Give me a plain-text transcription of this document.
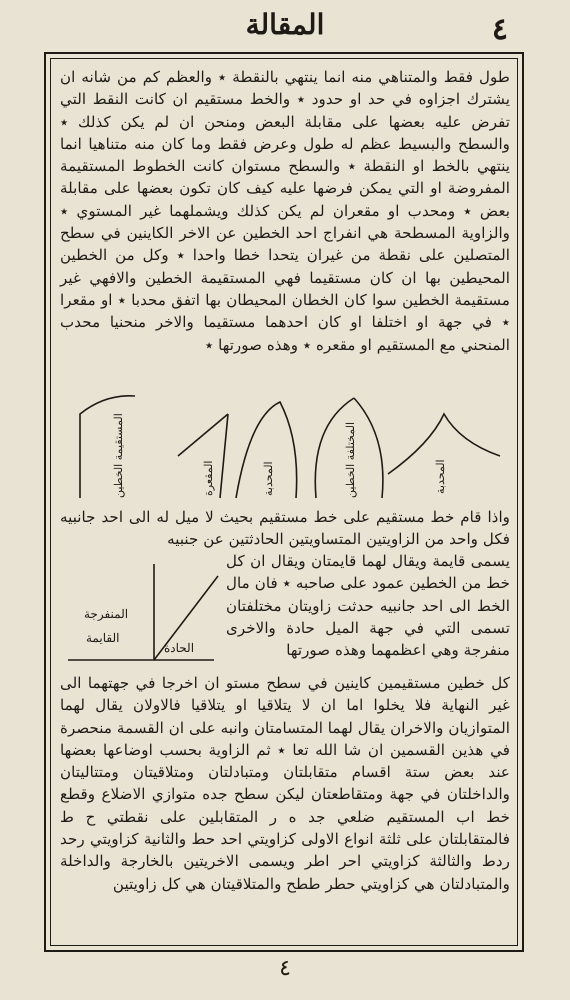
٤
المقالة
طول فقط والمتناهي منه انما ينتهي بالنقطة ٭ والعظم كم من شانه ان يشترك اجزاوه في حد او حدود ٭ والخط مستقيم ان كانت النقط التي تفرض عليه بعضها على مقابلة البعض ومنحن ان لم يكن كذلك ٭ والسطح والبسيط عظم له طول وعرض فقط وما كان منه متناهيا انما ينتهي بالخط او النقطة ٭ والسطح مستوان كانت الخطوط المستقيمة المفروضة او التي يمكن فرضها عليه كيف كان تكون بعضها على مقابلة بعض ٭ ومحدب او مقعران لم يكن كذلك ويشملهما غير المستوي ٭ والزاوية المسطحة هي انفراج احد الخطين عن الاخر الكاينين في سطح المتصلين على نقطة من غيران يتحدا خطا واحدا ٭ وكل من الخطين المحيطين بها ان كان مستقيما فهي المستقيمة الخطين والافهي غير مستقيمة الخطين سوا كان الخطان المحيطان بها اتفق محدبا ٭ او مقعرا ٭ في جهة او اختلفا او كان احدهما مستقيما والاخر منحنيا محدب المنحني مع المستقيم او مقعره ٭ وهذه صورتها ٭
المستقيمة الخطين	المقعرة	المحدبة	المختلفة الخطين	المحدبة
واذا قام خط مستقيم على خط مستقيم بحيث لا ميل له الى احد جانبيه فكل واحد من الزاويتين المتساويتين الحادثتين عن جنبيه
يسمى قايمة ويقال لهما قايمتان ويقال ان كل خط من الخطين عمود على صاحبه ٭ فان مال الخط الى احد جانبيه حدثت زاويتان مختلفتان تسمى التي في جهة الميل حادة والاخرى منفرجة وهي اعظمهما وهذه صورتها
المنفرجة
الحادة
القايمة
كل خطين مستقيمين كاينين في سطح مستو ان اخرجا في جهتهما الى غير النهاية فلا يخلوا اما ان لا يتلاقيا او يتلاقيا فالاولان يقال لهما المتوازيان والاخران يقال لهما المتسامتان وانبه على ان القسمة منحصرة في هذين القسمين ان شا الله تعا ٭ ثم الزاوية بحسب اوضاعها بعضها عند بعض ستة اقسام متقابلتان ومتبادلتان ومتلاقيتان ومتتاليتان والداخلتان في جهة ومتقاطعتان ليكن سطح جده متوازي الاضلاع وقطع خط اب المستقيم ضلعي جد ه ر المتقابلين على نقطتي ح ط فالمتقابلتان على ثلثة انواع الاولى كزاويتي احد حط والثانية كزاويتي رحد ردط والثالثة كزاويتي احر اطر ويسمى الاخريتين بالخارجة والداخلة والمتبادلتان هي كزاويتي حطر ططح والمتلاقيتان هي كل زاويتين
٤
